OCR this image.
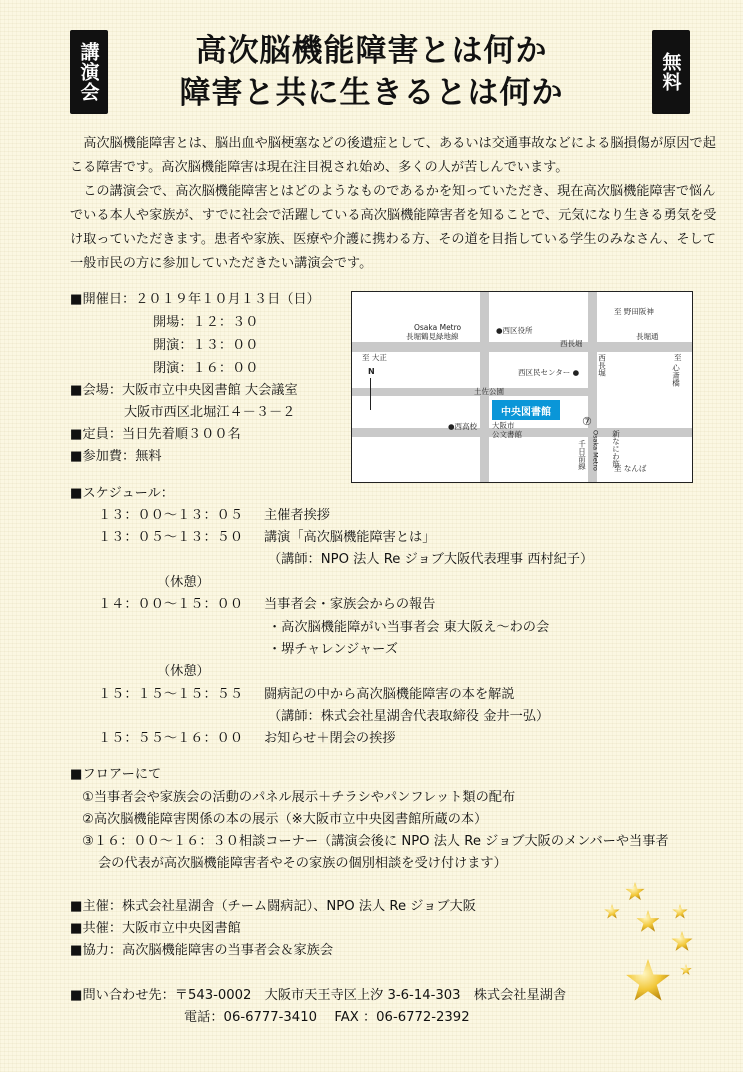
講演会	無料
高次脳機能障害とは何か
障害と共に生きるとは何か

高次脳機能障害とは、脳出血や脳梗塞などの後遺症として、あるいは交通事故などによる脳損傷が原因で起こる障害です。高次脳機能障害は現在注目視され始め、多くの人が苦しんでいます。

この講演会で、高次脳機能障害とはどのようなものであるかを知っていただき、現在高次脳機能障害で悩んでいる本人や家族が、すでに社会で活躍している高次脳機能障害者を知ることで、元気になり生きる勇気を受け取っていただきます。患者や家族、医療や介護に携わる方、その道を目指している学生のみなさん、そして一般市民の方に参加していただきたい講演会です。

■開催日：２０１９年１０月１３日（日）
開場：１２：３０
開演：１３：００
閉演：１６：００
■会場：大阪市立中央図書館 大会議室
大阪市西区北堀江４－３－２
■定員：当日先着順３００名
■参加費：無料
中央図書館
Osaka Metro
長堀鶴見緑地線
●西区役所
西長堀
至 野田阪神
長堀通
至 大正	至
心斎橋
N
土佐公園
西区民センター ● 西長堀
大阪市
公文書館
⑦
●西高校
Osaka Metro
千日前線	新なにわ筋
至 なんば
■スケジュール：
１３：００～１３：０５ 主催者挨拶
１３：０５～１３：５０ 講演「高次脳機能障害とは」
（講師：NPO 法人 Re ジョブ大阪代表理事 西村紀子）
（休憩）
１４：００～１５：００ 当事者会・家族会からの報告
・高次脳機能障がい当事者会 東大阪え～わの会
・堺チャレンジャーズ
（休憩）
１５：１５～１５：５５ 闘病記の中から高次脳機能障害の本を解説
（講師：株式会社星湖舎代表取締役 金井一弘）
１５：５５～１６：００ お知らせ＋閉会の挨拶
■フロアーにて
①当事者会や家族会の活動のパネル展示＋チラシやパンフレット類の配布
②高次脳機能障害関係の本の展示（※大阪市立中央図書館所蔵の本）
③１６：００～１６：３０相談コーナー（講演会後に NPO 法人 Re ジョブ大阪のメンバーや当事者
会の代表が高次脳機能障害者やその家族の個別相談を受け付けます）
■主催：株式会社星湖舎（チーム闘病記）、NPO 法人 Re ジョブ大阪
■共催：大阪市立中央図書館
■協力：高次脳機能障害の当事者会＆家族会
■問い合わせ先：〒543-0002　大阪市天王寺区上汐 3-6-14-303　株式会社星湖舎
電話：06-6777-3410　 FAX ：06-6772-2392
